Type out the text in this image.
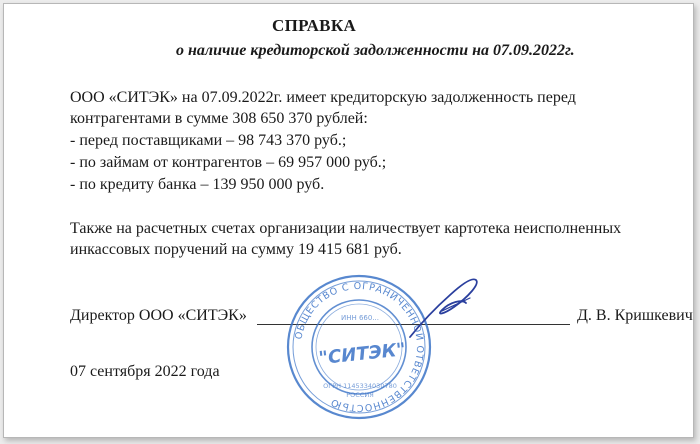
СПРАВКА
о наличие кредиторской задолженности на 07.09.2022г.
ООО «СИТЭК» на 07.09.2022г. имеет кредиторскую задолженность перед
контрагентами в сумме 308 650 370 рублей:
- перед поставщиками – 98 743 370 руб.;
- по займам от контрагентов – 69 957 000 руб.;
- по кредиту банка – 139 950 000 руб.
Также на расчетных счетах организации наличествует картотека неисполненных
инкассовых поручений на сумму 19 415 681 руб.
Директор ООО «СИТЭК»	Д. В. Кришкевич
07 сентября 2022 года
ОБЩЕСТВО С ОГРАНИЧЕННОЙ ОТВЕТСТВЕННОСТЬЮ
"СИТЭК"
ИНН 660...
ОГРН 1145334030780
РОССИЯ
